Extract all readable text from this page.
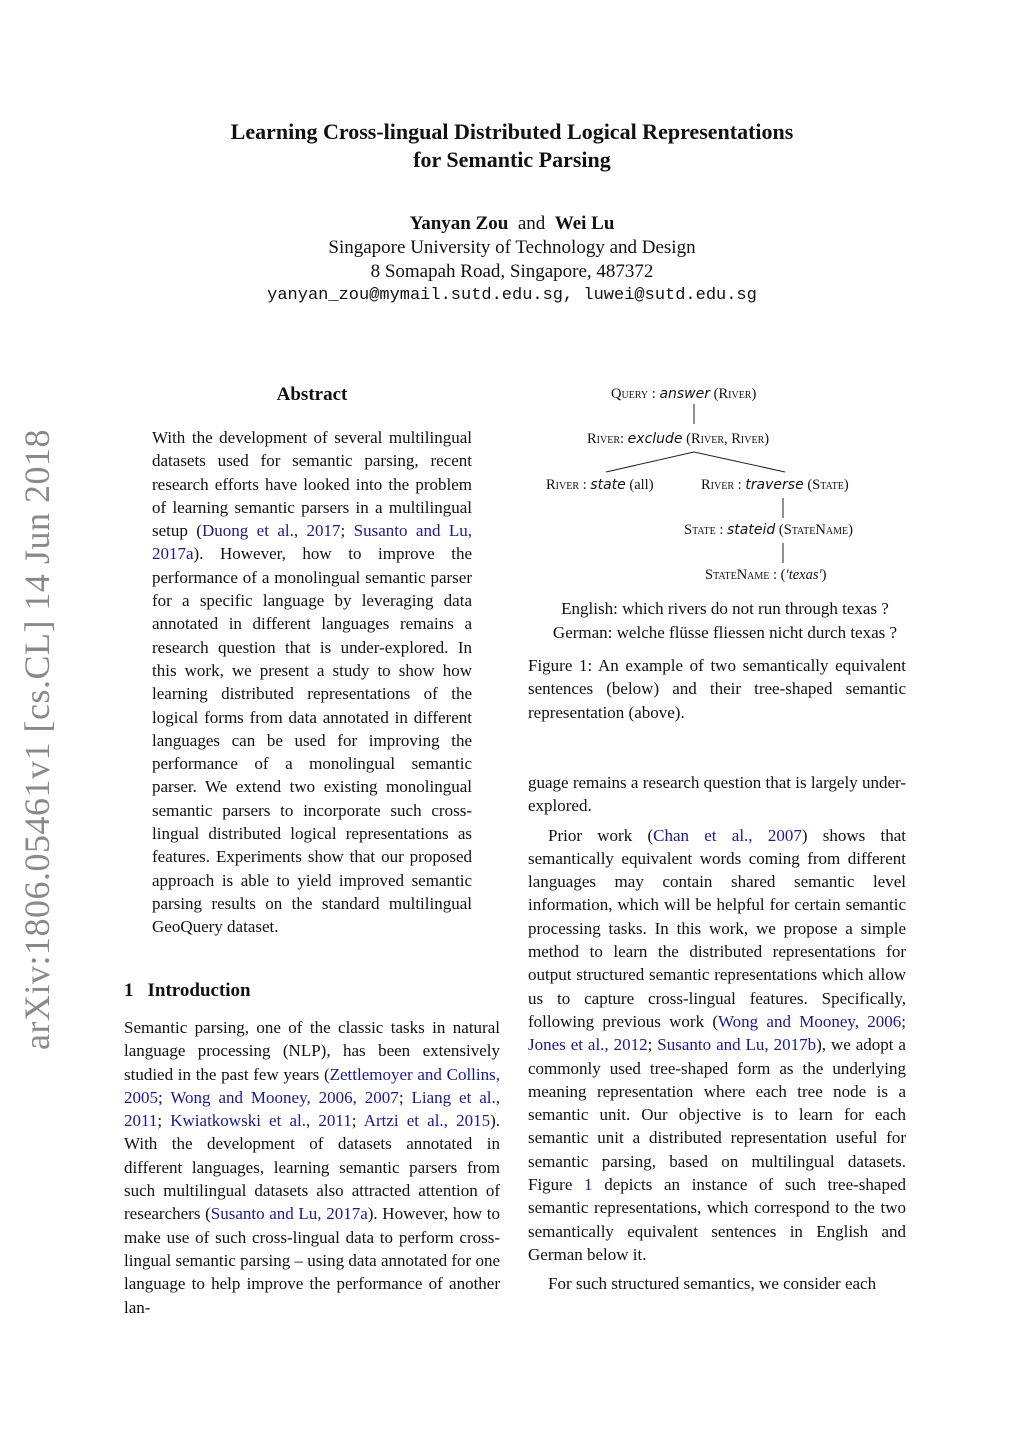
Learning Cross-lingual Distributed Logical Representations
for Semantic Parsing
Yanyan Zou and Wei Lu
Singapore University of Technology and Design
8 Somapah Road, Singapore, 487372
yanyan_zou@mymail.sutd.edu.sg, luwei@sutd.edu.sg
arXiv:1806.05461v1 [cs.CL] 14 Jun 2018
Abstract

With the development of several multilingual datasets used for semantic parsing, recent research efforts have looked into the problem of learning semantic parsers in a multilingual setup (Duong et al., 2017; Susanto and Lu, 2017a). However, how to improve the performance of a monolingual semantic parser for a specific language by leveraging data annotated in different languages remains a research question that is under-explored. In this work, we present a study to show how learning distributed representations of the logical forms from data annotated in different languages can be used for improving the performance of a monolingual semantic parser. We extend two existing monolingual semantic parsers to incorporate such cross-lingual distributed logical representations as features. Experiments show that our proposed approach is able to yield improved semantic parsing results on the standard multilingual GeoQuery dataset.

1 Introduction

Semantic parsing, one of the classic tasks in natural language processing (NLP), has been extensively studied in the past few years (Zettlemoyer and Collins, 2005; Wong and Mooney, 2006, 2007; Liang et al., 2011; Kwiatkowski et al., 2011; Artzi et al., 2015). With the development of datasets annotated in different languages, learning semantic parsers from such multilingual datasets also attracted attention of researchers (Susanto and Lu, 2017a). However, how to make use of such cross-lingual data to perform cross-lingual semantic parsing – using data annotated for one language to help improve the performance of another lan-

Query : answer (River)
River: exclude (River, River)
River : state (all)	River : traverse (State)
State : stateid (StateName)
StateName : (′texas′)
English: which rivers do not run through texas ?
German: welche flüsse fliessen nicht durch texas ?

Figure 1: An example of two semantically equivalent sentences (below) and their tree-shaped semantic representation (above).

guage remains a research question that is largely under-explored.

Prior work (Chan et al., 2007) shows that semantically equivalent words coming from different languages may contain shared semantic level information, which will be helpful for certain semantic processing tasks. In this work, we propose a simple method to learn the distributed representations for output structured semantic representations which allow us to capture cross-lingual features. Specifically, following previous work (Wong and Mooney, 2006; Jones et al., 2012; Susanto and Lu, 2017b), we adopt a commonly used tree-shaped form as the underlying meaning representation where each tree node is a semantic unit. Our objective is to learn for each semantic unit a distributed representation useful for semantic parsing, based on multilingual datasets. Figure 1 depicts an instance of such tree-shaped semantic representations, which correspond to the two semantically equivalent sentences in English and German below it.

For such structured semantics, we consider each
